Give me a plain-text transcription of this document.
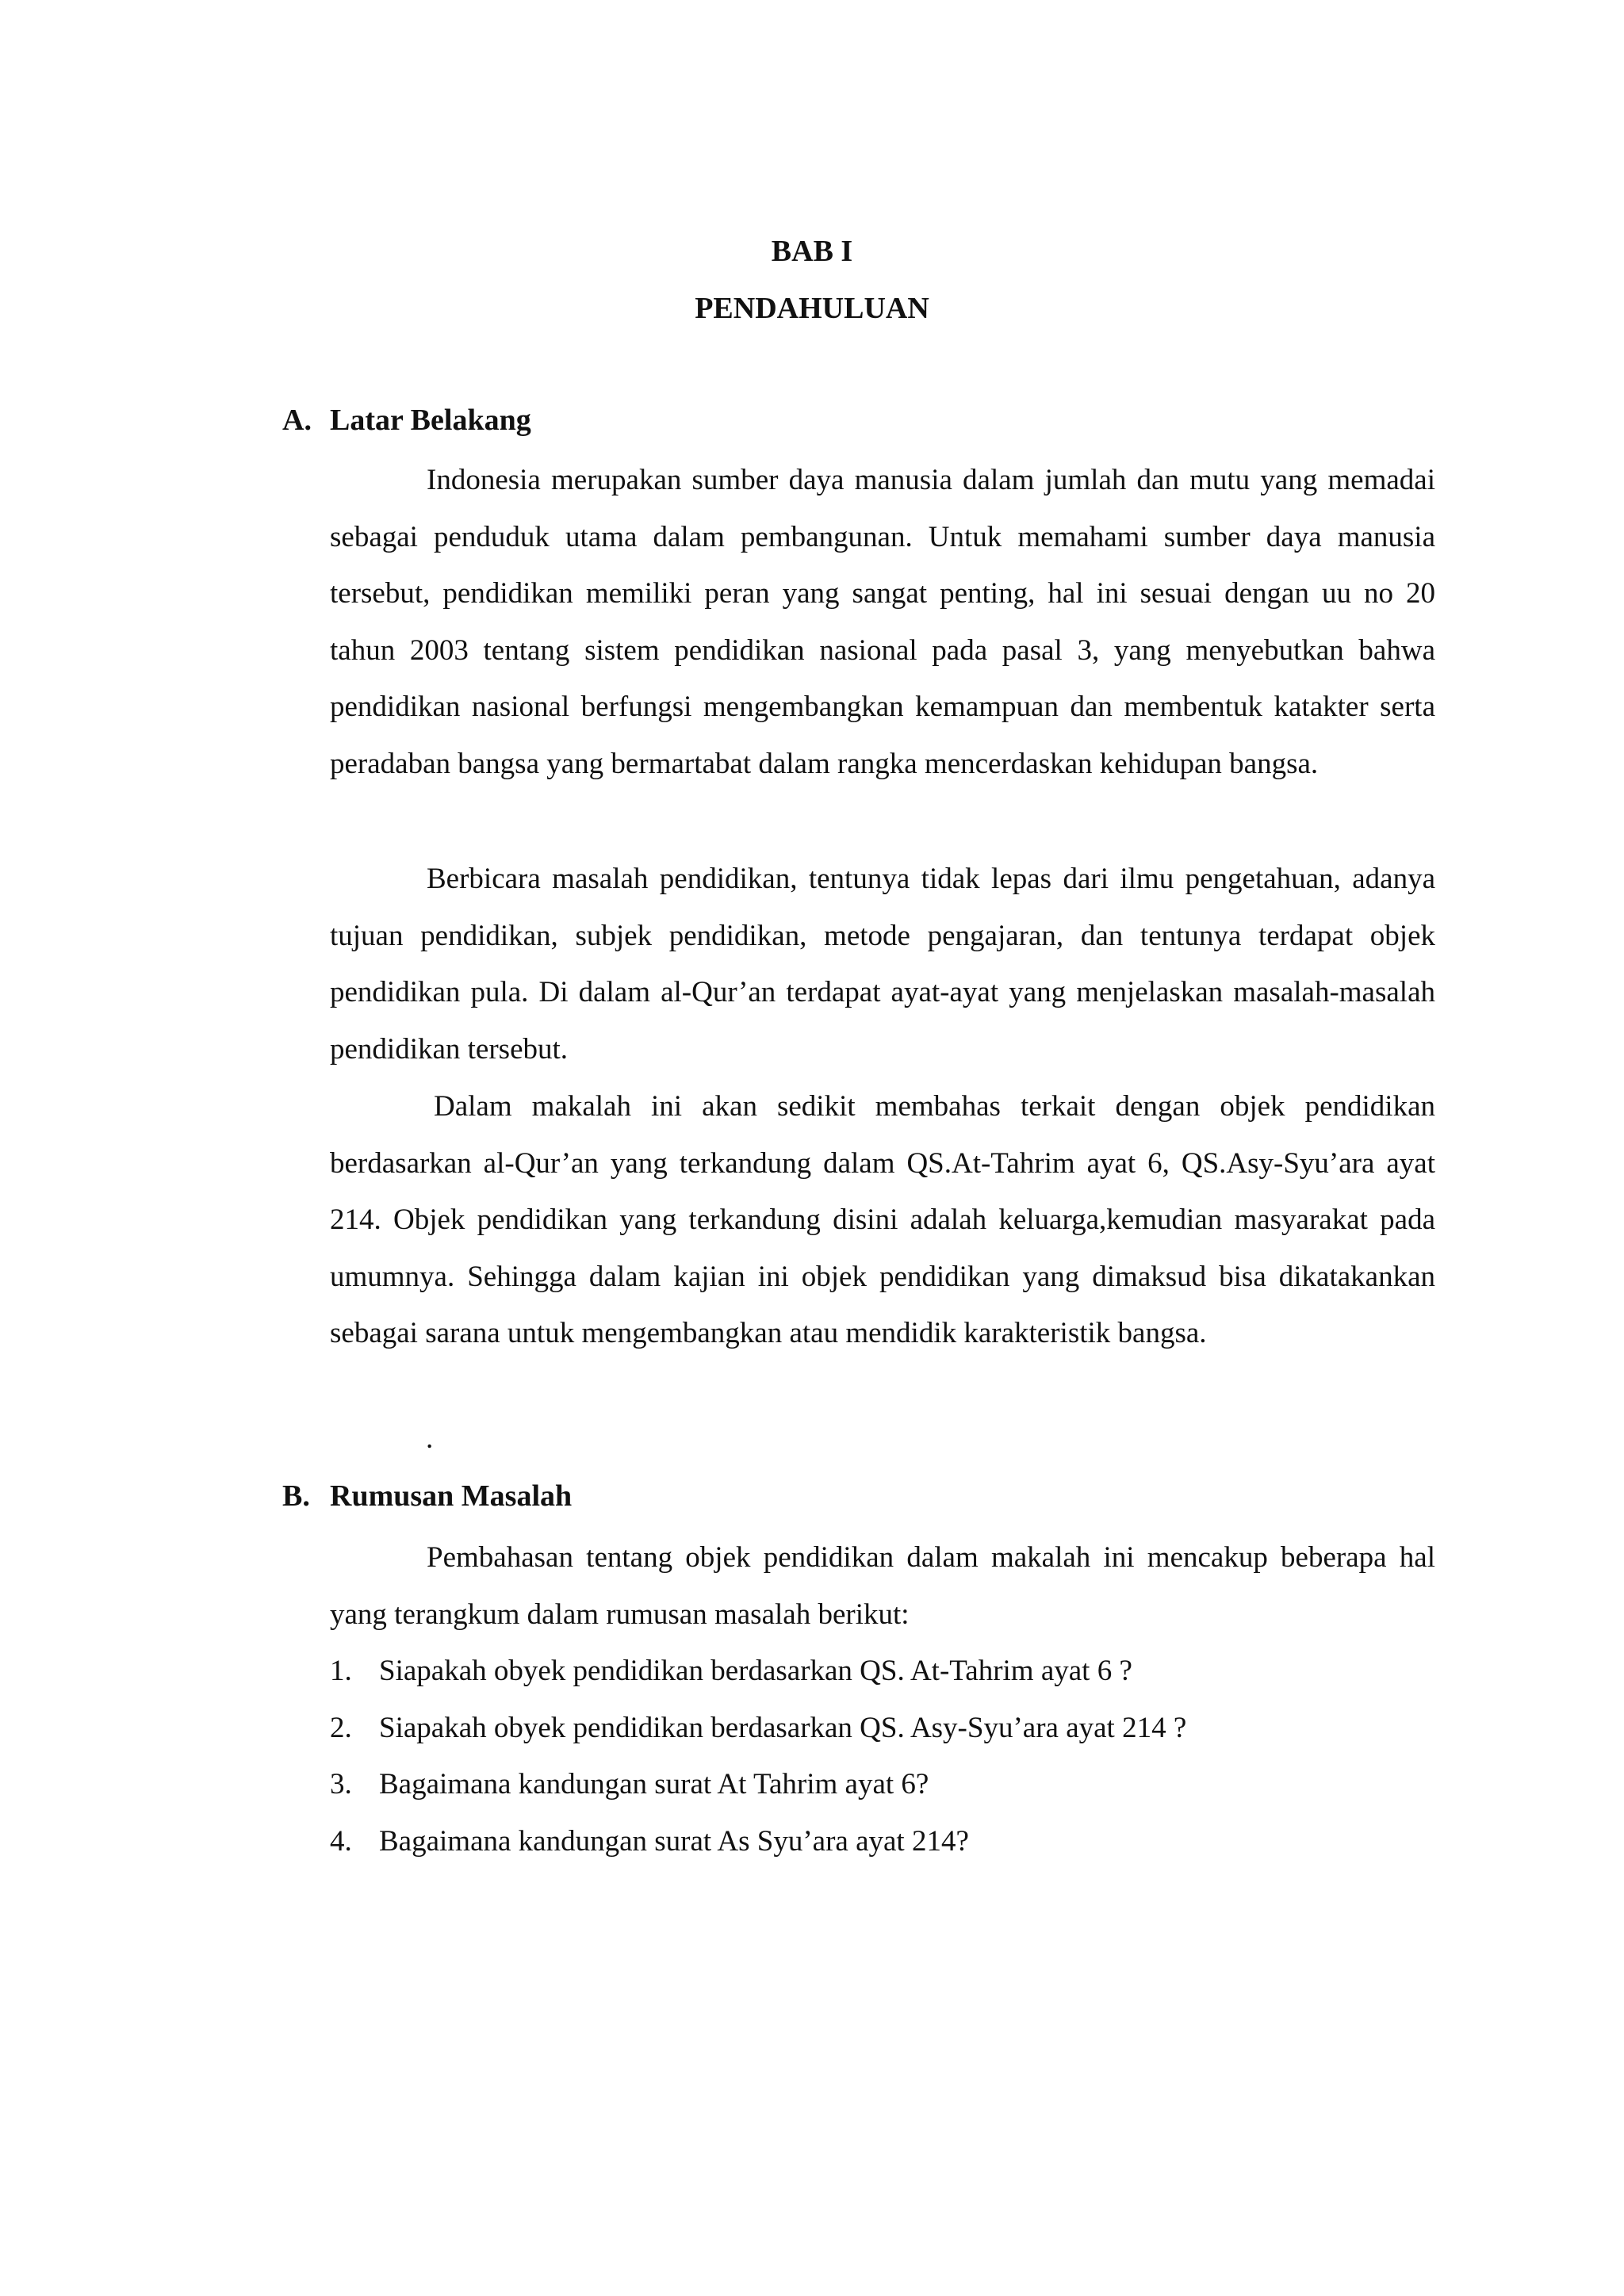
BAB I
PENDAHULUAN
A. Latar Belakang

Indonesia merupakan sumber daya manusia dalam jumlah dan mutu yang memadai sebagai penduduk utama dalam pembangunan. Untuk memahami sumber daya manusia tersebut, pendidikan memiliki peran yang sangat penting, hal ini sesuai dengan uu no 20 tahun 2003 tentang sistem pendidikan nasional pada pasal 3, yang menyebutkan bahwa pendidikan nasional berfungsi mengembangkan kemampuan dan membentuk katakter serta peradaban bangsa yang bermartabat dalam rangka mencerdaskan kehidupan bangsa.

Berbicara masalah pendidikan, tentunya tidak lepas dari ilmu pengetahuan, adanya tujuan pendidikan, subjek pendidikan, metode pengajaran, dan tentunya terdapat objek pendidikan pula. Di dalam al-Qur’an terdapat ayat-ayat yang menjelaskan masalah-masalah pendidikan tersebut.

Dalam makalah ini akan sedikit membahas terkait dengan objek pendidikan berdasarkan al-Qur’an yang terkandung dalam QS.At-Tahrim ayat 6, QS.Asy-Syu’ara ayat 214. Objek pendidikan yang terkandung disini adalah keluarga,kemudian masyarakat pada umumnya. Sehingga dalam kajian ini objek pendidikan yang dimaksud bisa dikatakankan sebagai sarana untuk mengembangkan atau mendidik karakteristik bangsa.

.
B. Rumusan Masalah

Pembahasan tentang objek pendidikan dalam makalah ini mencakup beberapa hal yang terangkum dalam rumusan masalah berikut:

1. Siapakah obyek pendidikan berdasarkan QS. At-Tahrim ayat 6 ?
2. Siapakah obyek pendidikan berdasarkan QS. Asy-Syu’ara ayat 214 ?
3. Bagaimana kandungan surat At Tahrim ayat 6?
4. Bagaimana kandungan surat As Syu’ara ayat 214?
